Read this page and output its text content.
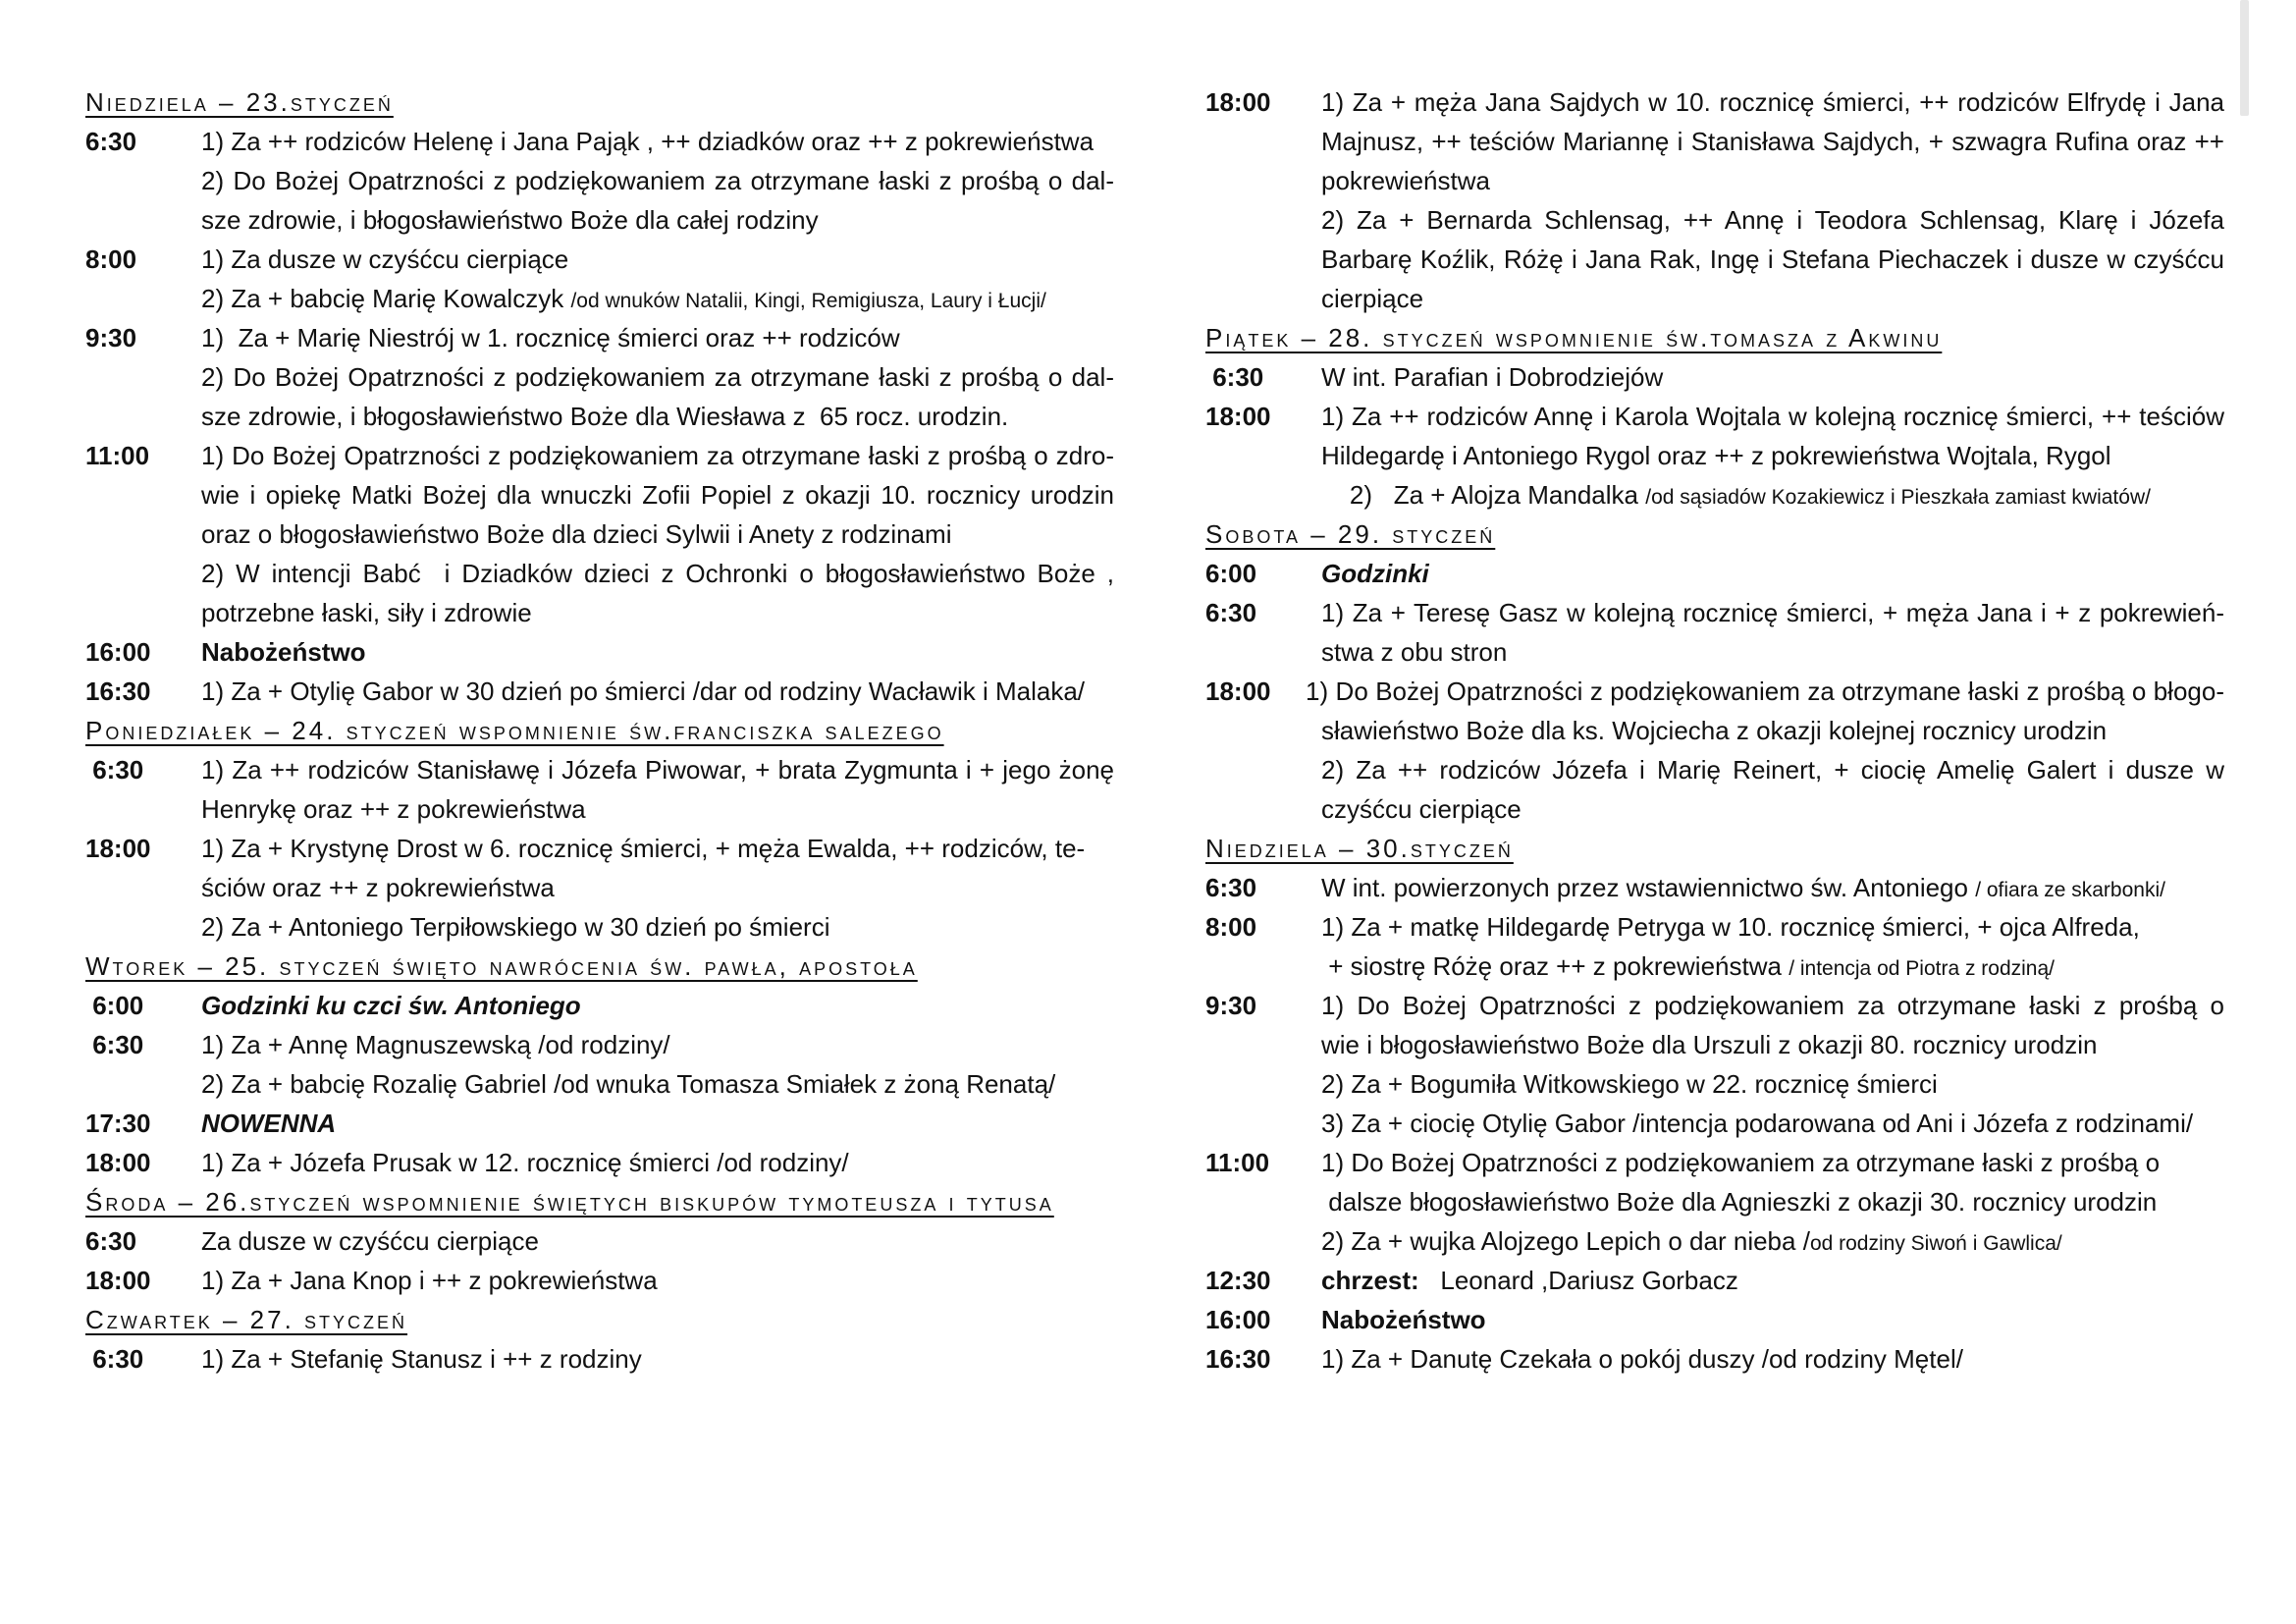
Niedziela – 23.styczeń
6:30	1) Za ++ rodziców Helenę i Jana Pająk , ++ dziadków oraz ++ z pokrewieństwa
2) Do Bożej Opatrzności z podziękowaniem za otrzymane łaski z prośbą o dal-
sze zdrowie, i błogosławieństwo Boże dla całej rodziny
8:00	1) Za dusze w czyśćcu cierpiące
2) Za + babcię Marię Kowalczyk /od wnuków Natalii, Kingi, Remigiusza, Laury i Łucji/
9:30	1)  Za + Marię Niestrój w 1. rocznicę śmierci oraz ++ rodziców
2) Do Bożej Opatrzności z podziękowaniem za otrzymane łaski z prośbą o dal-
sze zdrowie, i błogosławieństwo Boże dla Wiesława z  65 rocz. urodzin.
11:00 1) Do Bożej Opatrzności z podziękowaniem za otrzymane łaski z prośbą o zdro-
wie i opiekę Matki Bożej dla wnuczki Zofii Popiel z okazji 10. rocznicy urodzin
oraz o błogosławieństwo Boże dla dzieci Sylwii i Anety z rodzinami
2) W intencji Babć  i Dziadków dzieci z Ochronki o błogosławieństwo Boże ,
potrzebne łaski, siły i zdrowie
16:00 Nabożeństwo
16:30 1) Za + Otylię Gabor w 30 dzień po śmierci /dar od rodziny Wacławik i Malaka/
Poniedziałek – 24. styczeń wspomnienie św.franciszka salezego
6:30 1) Za ++ rodziców Stanisławę i Józefa Piwowar, + brata Zygmunta i + jego żonę
Henrykę oraz ++ z pokrewieństwa
18:00 1) Za + Krystynę Drost w 6. rocznicę śmierci, + męża Ewalda, ++ rodziców, te-
ściów oraz ++ z pokrewieństwa
2) Za + Antoniego Terpiłowskiego w 30 dzień po śmierci
Wtorek – 25. styczeń święto nawrócenia św. pawła, apostoła
6:00 Godzinki ku czci św. Antoniego
6:30 1) Za + Annę Magnuszewską /od rodziny/
2) Za + babcię Rozalię Gabriel /od wnuka Tomasza Smiałek z żoną Renatą/
17:30 NOWENNA
18:00 1) Za + Józefa Prusak w 12. rocznicę śmierci /od rodziny/
Środa – 26.styczeń wspomnienie świętych biskupów tymoteusza i tytusa
6:30	Za dusze w czyśćcu cierpiące
18:00 1) Za + Jana Knop i ++ z pokrewieństwa
Czwartek – 27. styczeń
6:30 1) Za + Stefanię Stanusz i ++ z rodziny
18:00 1) Za + męża Jana Sajdych w 10. rocznicę śmierci, ++ rodziców Elfrydę i Jana
Majnusz, ++ teściów Mariannę i Stanisława Sajdych, + szwagra Rufina oraz ++
pokrewieństwa
2) Za + Bernarda Schlensag, ++ Annę i Teodora Schlensag, Klarę i Józefa
Barbarę Koźlik, Różę i Jana Rak, Ingę i Stefana Piechaczek i dusze w czyśćcu
cierpiące
Piątek – 28. styczeń wspomnienie św.tomasza z Akwinu
6:30 W int. Parafian i Dobrodziejów
18:00 1) Za ++ rodziców Annę i Karola Wojtala w kolejną rocznicę śmierci, ++ teściów
Hildegardę i Antoniego Rygol oraz ++ z pokrewieństwa Wojtala, Rygol
2)   Za + Alojza Mandalka /od sąsiadów Kozakiewicz i Pieszkała zamiast kwiatów/
Sobota – 29. styczeń
6:00	Godzinki
6:30	1) Za + Teresę Gasz w kolejną rocznicę śmierci, + męża Jana i + z pokrewień-
stwa z obu stron
18:00 1) Do Bożej Opatrzności z podziękowaniem za otrzymane łaski z prośbą o błogo-
sławieństwo Boże dla ks. Wojciecha z okazji kolejnej rocznicy urodzin
2) Za ++ rodziców Józefa i Marię Reinert, + ciocię Amelię Galert i dusze w
czyśćcu cierpiące
Niedziela – 30.styczeń
6:30	W int. powierzonych przez wstawiennictwo św. Antoniego / ofiara ze skarbonki/
8:00	1) Za + matkę Hildegardę Petryga w 10. rocznicę śmierci, + ojca Alfreda,
+ siostrę Różę oraz ++ z pokrewieństwa / intencja od Piotra z rodziną/
9:30	1) Do Bożej Opatrzności z podziękowaniem za otrzymane łaski z prośbą o
wie i błogosławieństwo Boże dla Urszuli z okazji 80. rocznicy urodzin
2) Za + Bogumiła Witkowskiego w 22. rocznicę śmierci
3) Za + ciocię Otylię Gabor /intencja podarowana od Ani i Józefa z rodzinami/
11:00 1) Do Bożej Opatrzności z podziękowaniem za otrzymane łaski z prośbą o
dalsze błogosławieństwo Boże dla Agnieszki z okazji 30. rocznicy urodzin
2) Za + wujka Alojzego Lepich o dar nieba /od rodziny Siwoń i Gawlica/
12:30 chrzest:   Leonard ,Dariusz Gorbacz
16:00 Nabożeństwo
16:30 1) Za + Danutę Czekała o pokój duszy /od rodziny Mętel/
